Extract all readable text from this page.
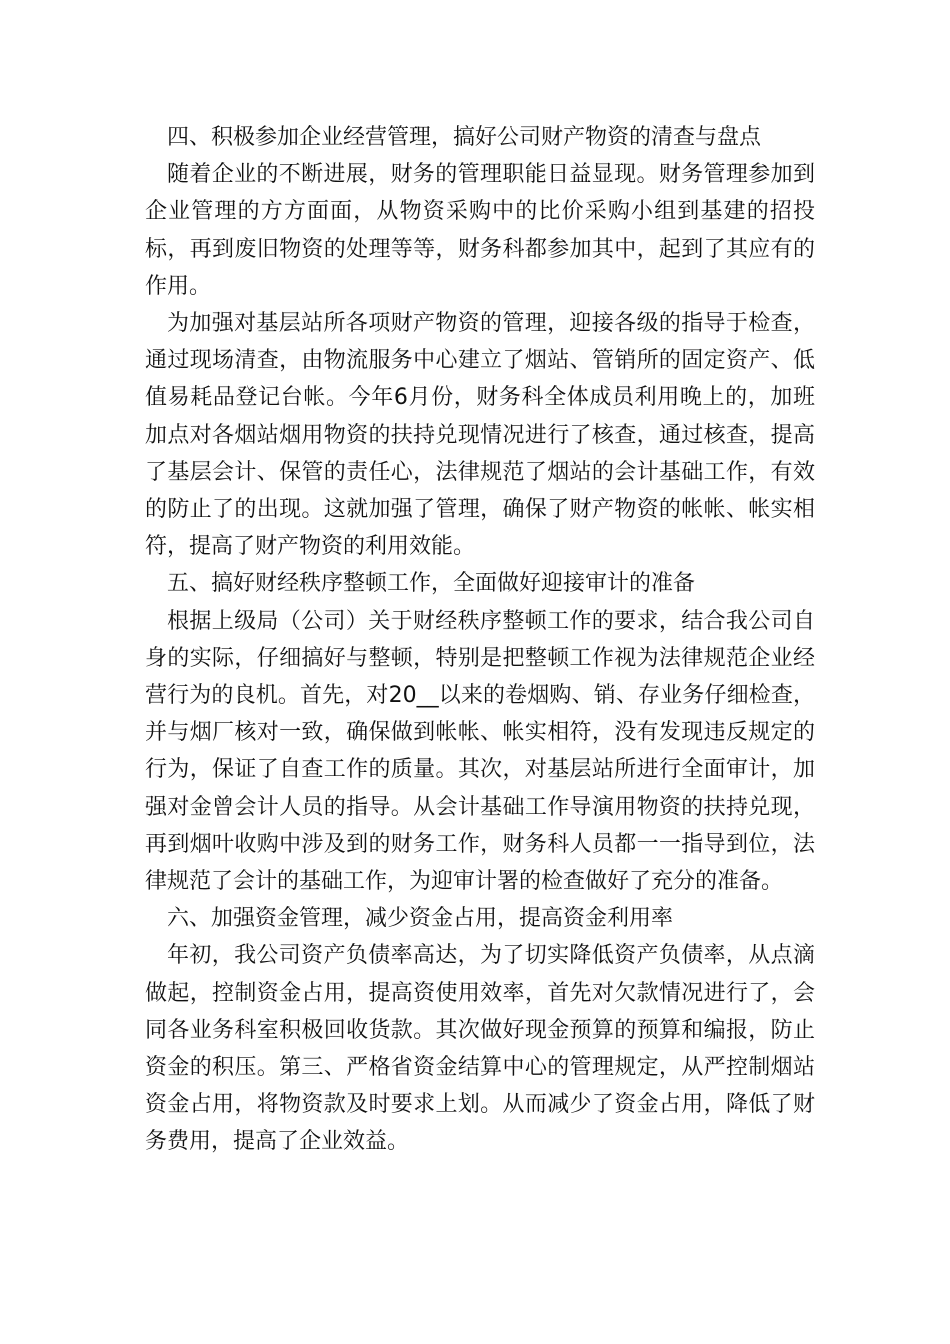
四、积极参加企业经营管理，搞好公司财产物资的清查与盘点

随着企业的不断进展，财务的管理职能日益显现。财务管理参加到企业管理的方方面面，从物资采购中的比价采购小组到基建的招投标，再到废旧物资的处理等等，财务科都参加其中，起到了其应有的作用。

为加强对基层站所各项财产物资的管理，迎接各级的指导于检查，通过现场清查，由物流服务中心建立了烟站、管销所的固定资产、低值易耗品登记台帐。今年6月份，财务科全体成员利用晚上的，加班加点对各烟站烟用物资的扶持兑现情况进行了核查，通过核查，提高了基层会计、保管的责任心，法律规范了烟站的会计基础工作，有效的防止了的出现。这就加强了管理，确保了财产物资的帐帐、帐实相符，提高了财产物资的利用效能。

五、搞好财经秩序整顿工作，全面做好迎接审计的准备

根据上级局（公司）关于财经秩序整顿工作的要求，结合我公司自身的实际，仔细搞好与整顿，特别是把整顿工作视为法律规范企业经营行为的良机。首先，对20__以来的卷烟购、销、存业务仔细检查，并与烟厂核对一致，确保做到帐帐、帐实相符，没有发现违反规定的行为，保证了自查工作的质量。其次，对基层站所进行全面审计，加强对金曾会计人员的指导。从会计基础工作导演用物资的扶持兑现，再到烟叶收购中涉及到的财务工作，财务科人员都一一指导到位，法律规范了会计的基础工作，为迎审计署的检查做好了充分的准备。

六、加强资金管理，减少资金占用，提高资金利用率

年初，我公司资产负债率高达，为了切实降低资产负债率，从点滴做起，控制资金占用，提高资使用效率，首先对欠款情况进行了，会同各业务科室积极回收货款。其次做好现金预算的预算和编报，防止资金的积压。第三、严格省资金结算中心的管理规定，从严控制烟站资金占用，将物资款及时要求上划。从而减少了资金占用，降低了财务费用，提高了企业效益。
